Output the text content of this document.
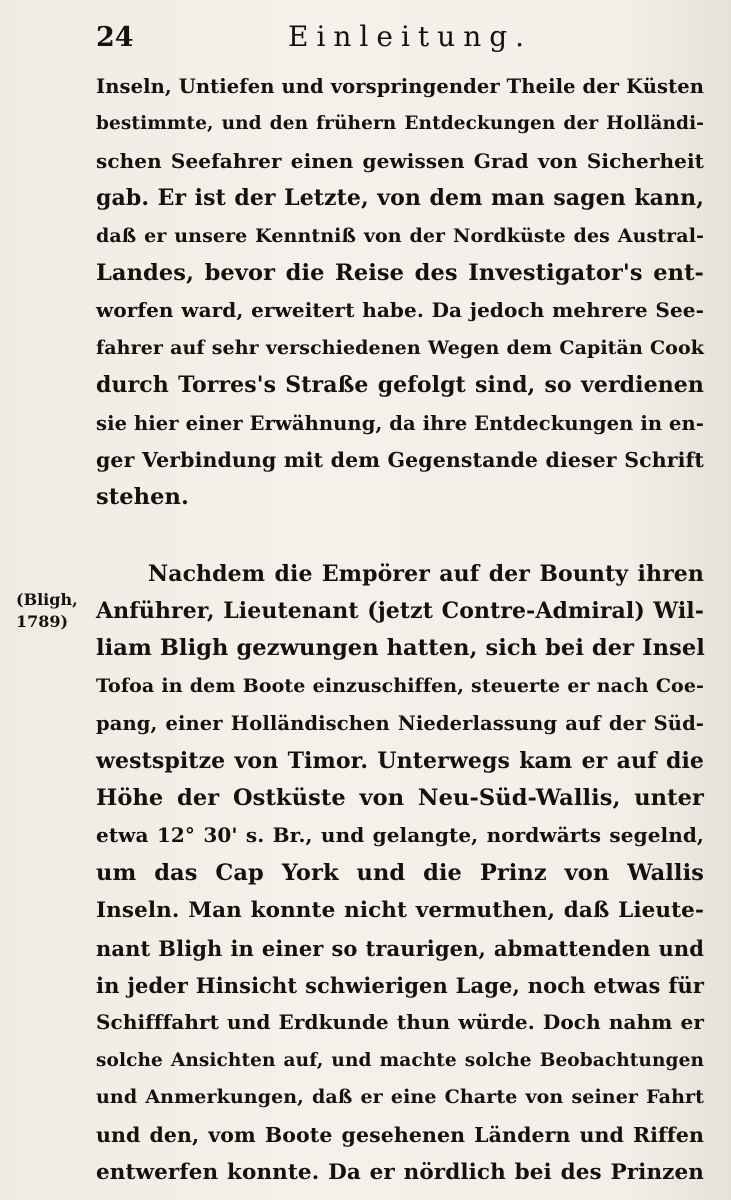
24	Einleitung.
(Bligh,
1789)
Inseln, Untiefen und vorspringender Theile der Küsten
bestimmte, und den frühern Entdeckungen der Holländi-
schen Seefahrer einen gewissen Grad von Sicherheit
gab. Er ist der Letzte, von dem man sagen kann,
daß er unsere Kenntniß von der Nordküste des Austral-
Landes, bevor die Reise des Investigator's ent-
worfen ward, erweitert habe. Da jedoch mehrere See-
fahrer auf sehr verschiedenen Wegen dem Capitän Cook
durch Torres's Straße gefolgt sind, so verdienen
sie hier einer Erwähnung, da ihre Entdeckungen in en-
ger Verbindung mit dem Gegenstande dieser Schrift
stehen.
Nachdem die Empörer auf der Bounty ihren
Anführer, Lieutenant (jetzt Contre-Admiral) Wil-
liam Bligh gezwungen hatten, sich bei der Insel
Tofoa in dem Boote einzuschiffen, steuerte er nach Coe-
pang, einer Holländischen Niederlassung auf der Süd-
westspitze von Timor. Unterwegs kam er auf die
Höhe der Ostküste von Neu-Süd-Wallis, unter
etwa 12° 30' s. Br., und gelangte, nordwärts segelnd,
um das Cap York und die Prinz von Wallis
Inseln. Man konnte nicht vermuthen, daß Lieute-
nant Bligh in einer so traurigen, abmattenden und
in jeder Hinsicht schwierigen Lage, noch etwas für
Schifffahrt und Erdkunde thun würde. Doch nahm er
solche Ansichten auf, und machte solche Beobachtungen
und Anmerkungen, daß er eine Charte von seiner Fahrt
und den, vom Boote gesehenen Ländern und Riffen
entwerfen konnte. Da er nördlich bei des Prinzen
